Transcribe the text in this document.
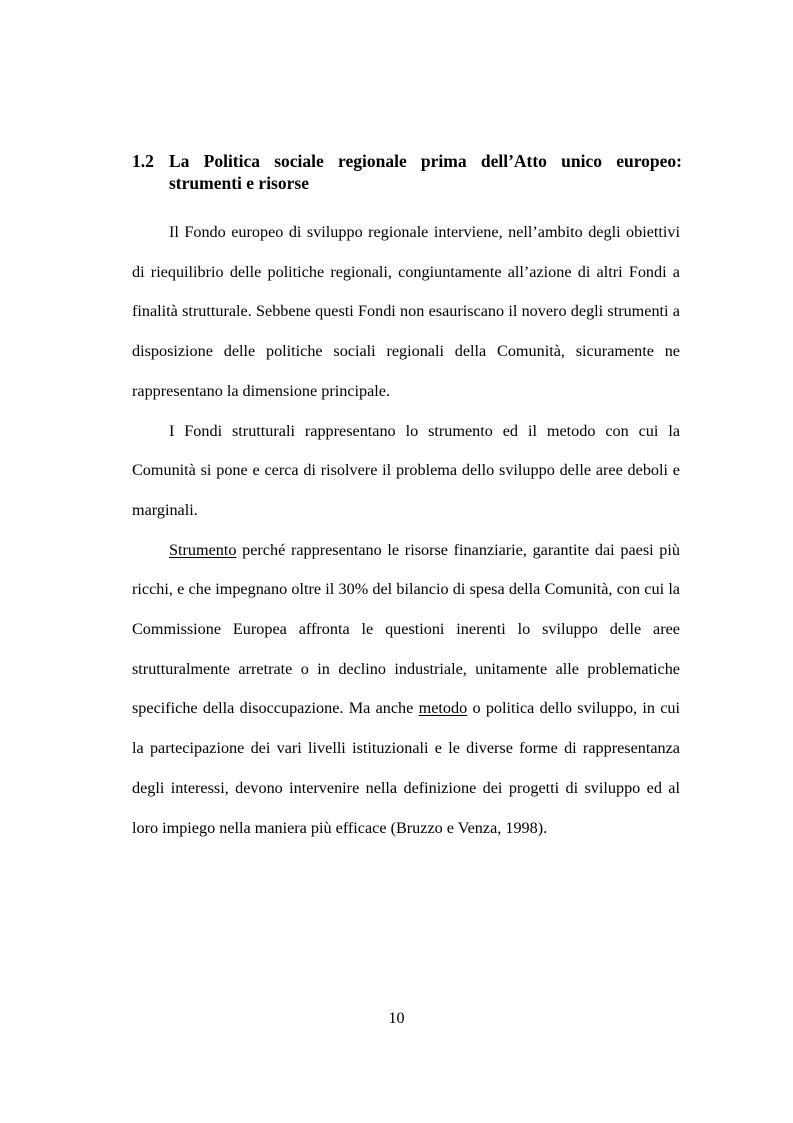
1.2 La Politica sociale regionale prima dell’Atto unico europeo:
strumenti e risorse

Il Fondo europeo di sviluppo regionale interviene, nell’ambito degli obiettivi di riequilibrio delle politiche regionali, congiuntamente all’azione di altri Fondi a finalità strutturale. Sebbene questi Fondi non esauriscano il novero degli strumenti a disposizione delle politiche sociali regionali della Comunità, sicuramente ne rappresentano la dimensione principale.

I Fondi strutturali rappresentano lo strumento ed il metodo con cui la Comunità si pone e cerca di risolvere il problema dello sviluppo delle aree deboli e marginali.

Strumento perché rappresentano le risorse finanziarie, garantite dai paesi più ricchi, e che impegnano oltre il 30% del bilancio di spesa della Comunità, con cui la Commissione Europea affronta le questioni inerenti lo sviluppo delle aree strutturalmente arretrate o in declino industriale, unitamente alle problematiche specifiche della disoccupazione. Ma anche metodo o politica dello sviluppo, in cui la partecipazione dei vari livelli istituzionali e le diverse forme di rappresentanza degli interessi, devono intervenire nella definizione dei progetti di sviluppo ed al loro impiego nella maniera più efficace (Bruzzo e Venza, 1998).

10
